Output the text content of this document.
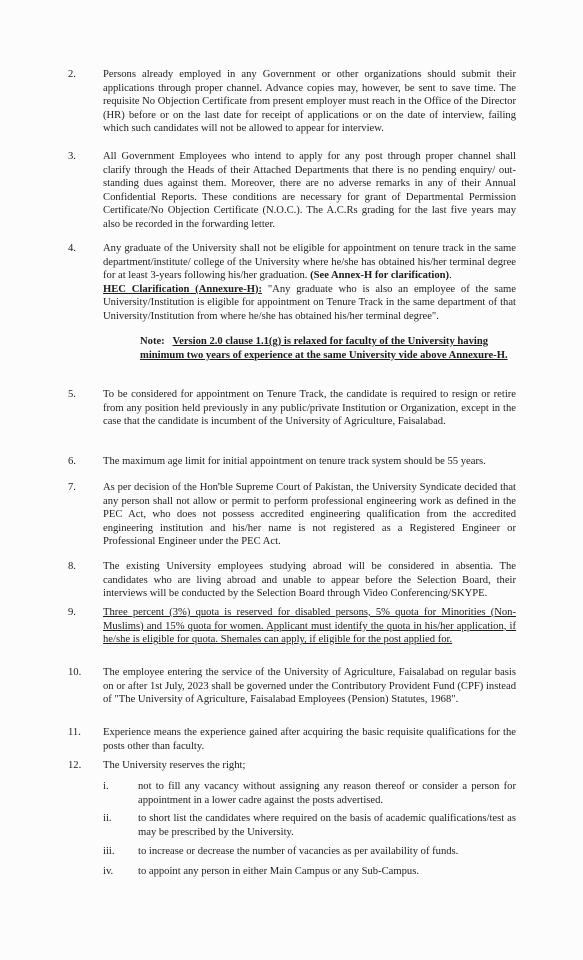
2.	Persons already employed in any Government or other organizations should submit their applications through proper channel. Advance copies may, however, be sent to save time. The requisite No Objection Certificate from present employer must reach in the Office of the Director (HR) before or on the last date for receipt of applications or on the date of interview, failing which such candidates will not be allowed to appear for interview.
3.	All Government Employees who intend to apply for any post through proper channel shall clarify through the Heads of their Attached Departments that there is no pending enquiry/ out-standing dues against them. Moreover, there are no adverse remarks in any of their Annual Confidential Reports. These conditions are necessary for grant of Departmental Permission Certificate/No Objection Certificate (N.O.C.). The A.C.Rs grading for the last five years may also be recorded in the forwarding letter.
4.	Any graduate of the University shall not be eligible for appointment on tenure track in the same department/institute/ college of the University where he/she has obtained his/her terminal degree for at least 3-years following his/her graduation. (See Annex-H for clarification).

HEC Clarification (Annexure-H): "Any graduate who is also an employee of the same University/Institution is eligible for appointment on Tenure Track in the same department of that University/Institution from where he/she has obtained his/her terminal degree".

Note: Version 2.0 clause 1.1(g) is relaxed for faculty of the University having minimum two years of experience at the same University vide above Annexure-H.
5.	To be considered for appointment on Tenure Track, the candidate is required to resign or retire from any position held previously in any public/private Institution or Organization, except in the case that the candidate is incumbent of the University of Agriculture, Faisalabad.
6.	The maximum age limit for initial appointment on tenure track system should be 55 years.
7.	As per decision of the Hon'ble Supreme Court of Pakistan, the University Syndicate decided that any person shall not allow or permit to perform professional engineering work as defined in the PEC Act, who does not possess accredited engineering qualification from the accredited engineering institution and his/her name is not registered as a Registered Engineer or Professional Engineer under the PEC Act.
8.	The existing University employees studying abroad will be considered in absentia. The candidates who are living abroad and unable to appear before the Selection Board, their interviews will be conducted by the Selection Board through Video Conferencing/SKYPE.
9.	Three percent (3%) quota is reserved for disabled persons, 5% quota for Minorities (Non-Muslims) and 15% quota for women. Applicant must identify the quota in his/her application, if he/she is eligible for quota. Shemales can apply, if eligible for the post applied for.
10. The employee entering the service of the University of Agriculture, Faisalabad on regular basis on or after 1st July, 2023 shall be governed under the Contributory Provident Fund (CPF) instead of "The University of Agriculture, Faisalabad Employees (Pension) Statutes, 1968".
11. Experience means the experience gained after acquiring the basic requisite qualifications for the posts other than faculty.
12. The University reserves the right;
i.	not to fill any vacancy without assigning any reason thereof or consider a person for appointment in a lower cadre against the posts advertised.
ii. to short list the candidates where required on the basis of academic qualifications/test as may be prescribed by the University.
iii. to increase or decrease the number of vacancies as per availability of funds.
iv. to appoint any person in either Main Campus or any Sub-Campus.
